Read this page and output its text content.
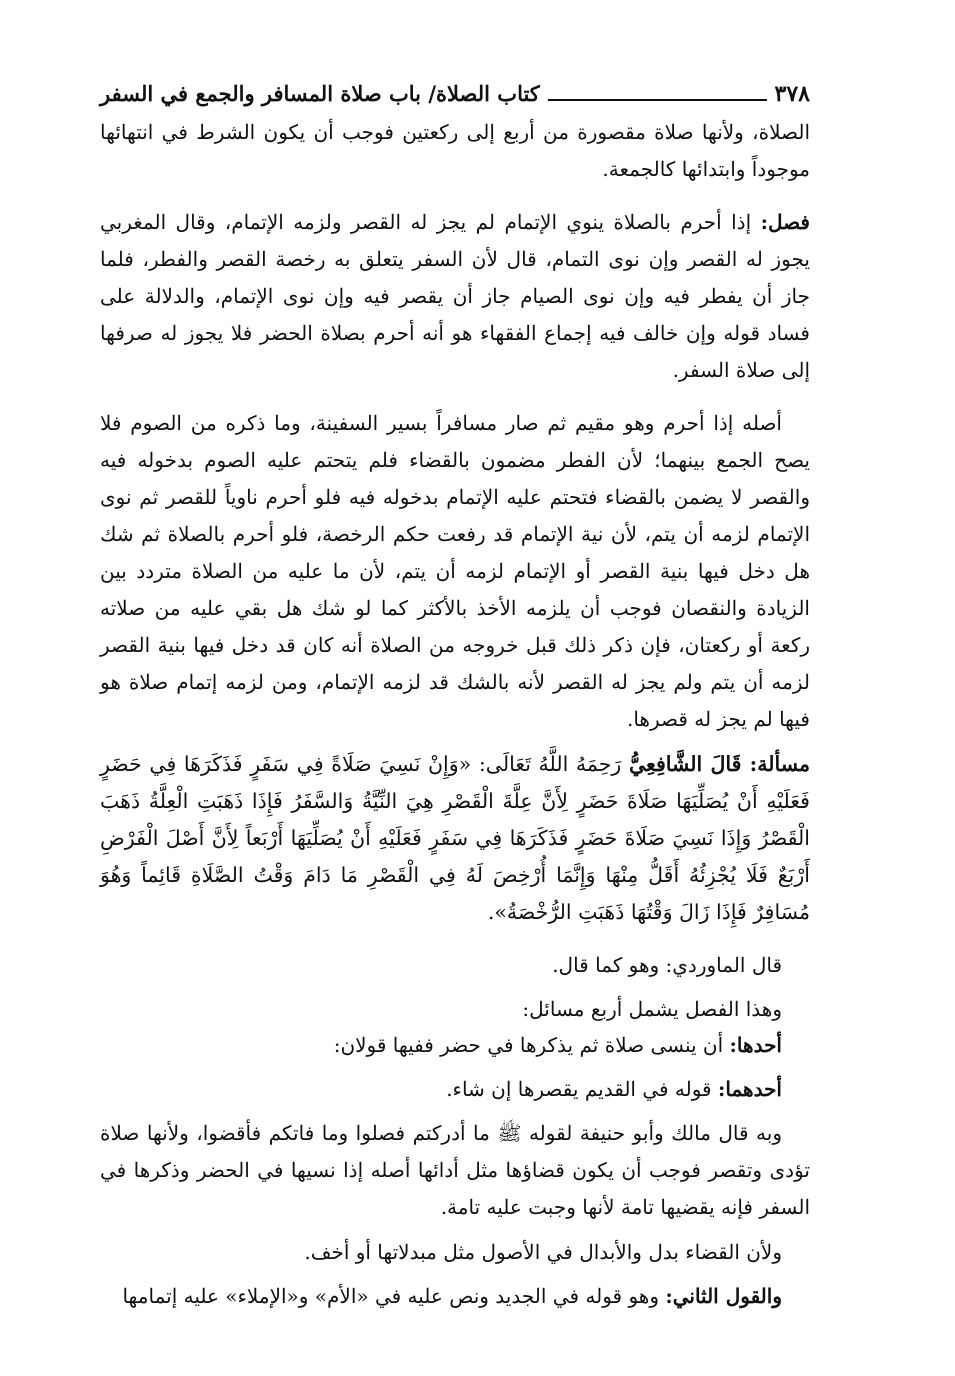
٣٧٨
كتاب الصلاة/ باب صلاة المسافر والجمع في السفر

الصلاة، ولأنها صلاة مقصورة من أربع إلى ركعتين فوجب أن يكون الشرط في انتهائها موجوداً وابتدائها كالجمعة.

فصل: إذا أحرم بالصلاة ينوي الإتمام لم يجز له القصر ولزمه الإتمام، وقال المغربي يجوز له القصر وإن نوى التمام، قال لأن السفر يتعلق به رخصة القصر والفطر، فلما جاز أن يفطر فيه وإن نوى الصيام جاز أن يقصر فيه وإن نوى الإتمام، والدلالة على فساد قوله وإن خالف فيه إجماع الفقهاء هو أنه أحرم بصلاة الحضر فلا يجوز له صرفها إلى صلاة السفر.

أصله إذا أحرم وهو مقيم ثم صار مسافراً بسير السفينة، وما ذكره من الصوم فلا يصح الجمع بينهما؛ لأن الفطر مضمون بالقضاء فلم يتحتم عليه الصوم بدخوله فيه والقصر لا يضمن بالقضاء فتحتم عليه الإتمام بدخوله فيه فلو أحرم ناوياً للقصر ثم نوى الإتمام لزمه أن يتم، لأن نية الإتمام قد رفعت حكم الرخصة، فلو أحرم بالصلاة ثم شك هل دخل فيها بنية القصر أو الإتمام لزمه أن يتم، لأن ما عليه من الصلاة متردد بين الزيادة والنقصان فوجب أن يلزمه الأخذ بالأكثر كما لو شك هل بقي عليه من صلاته ركعة أو ركعتان، فإن ذكر ذلك قبل خروجه من الصلاة أنه كان قد دخل فيها بنية القصر لزمه أن يتم ولم يجز له القصر لأنه بالشك قد لزمه الإتمام، ومن لزمه إتمام صلاة هو فيها لم يجز له قصرها.

مسألة: قَالَ الشَّافِعِيُّ رَحِمَهُ اللَّهُ تَعَالَى: «وَإِنْ نَسِيَ صَلَاةً فِي سَفَرٍ فَذَكَرَهَا فِي حَضَرٍ فَعَلَيْهِ أَنْ يُصَلِّيَهَا صَلَاةَ حَضَرٍ لِأَنَّ عِلَّةَ الْقَصْرِ هِيَ النِّيَّةُ وَالسَّفَرُ فَإِذَا ذَهَبَتِ الْعِلَّةُ ذَهَبَ الْقَصْرُ وَإِذَا نَسِيَ صَلَاةَ حَضَرٍ فَذَكَرَهَا فِي سَفَرٍ فَعَلَيْهِ أَنْ يُصَلِّيَهَا أَرْبَعاً لِأَنَّ أَصْلَ الْفَرْضِ أَرْبَعٌ فَلَا يُجْزِئُهُ أَقَلُّ مِنْهَا وَإِنَّمَا أُرْخِصَ لَهُ فِي الْقَصْرِ مَا دَامَ وَقْتُ الصَّلَاةِ قَائِماً وَهُوَ مُسَافِرٌ فَإِذَا زَالَ وَقْتُهَا ذَهَبَتِ الرُّخْصَةُ».

قال الماوردي: وهو كما قال.

وهذا الفصل يشمل أربع مسائل:

أحدها: أن ينسى صلاة ثم يذكرها في حضر ففيها قولان:

أحدهما: قوله في القديم يقصرها إن شاء.

وبه قال مالك وأبو حنيفة لقوله ﷺ ما أدركتم فصلوا وما فاتكم فأقضوا، ولأنها صلاة تؤدى وتقصر فوجب أن يكون قضاؤها مثل أدائها أصله إذا نسيها في الحضر وذكرها في السفر فإنه يقضيها تامة لأنها وجبت عليه تامة.

ولأن القضاء بدل والأبدال في الأصول مثل مبدلاتها أو أخف.

والقول الثاني: وهو قوله في الجديد ونص عليه في «الأم» و«الإملاء» عليه إتمامها
